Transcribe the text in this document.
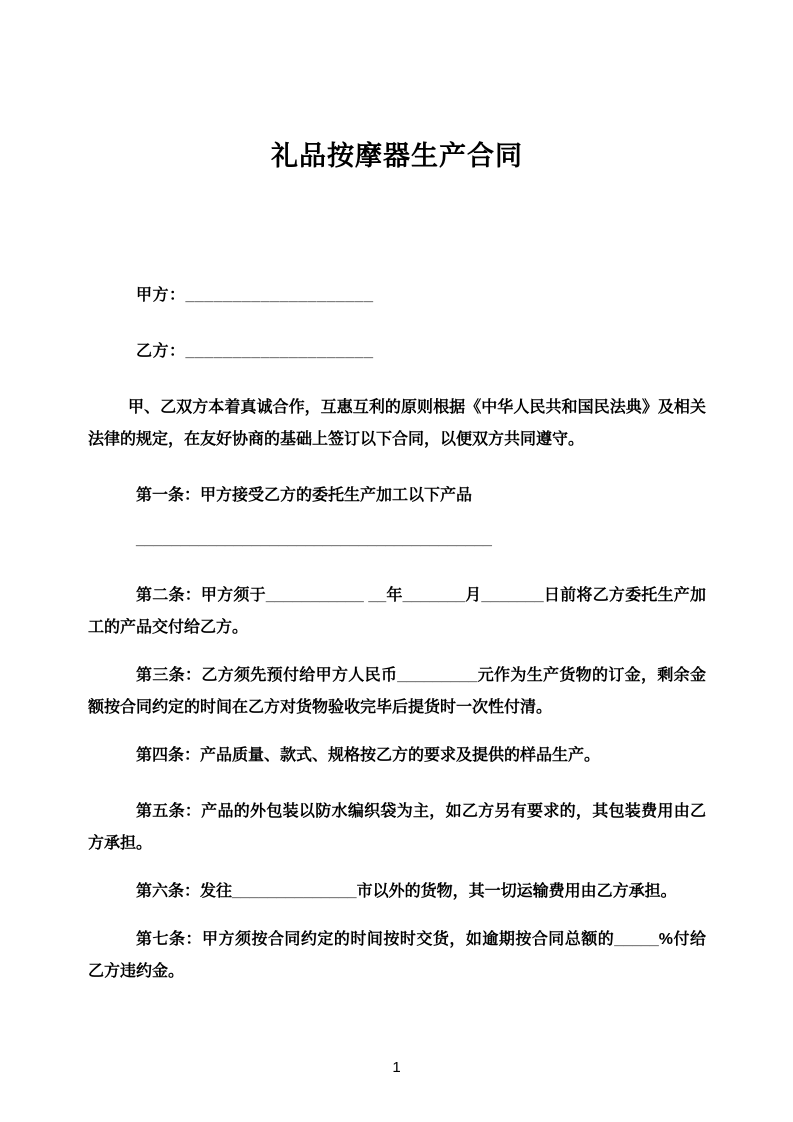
礼品按摩器生产合同

甲方：____________________

乙方：____________________

甲、乙双方本着真诚合作，互惠互利的原则根据《中华人民共和国民法典》及相关法律的规定，在友好协商的基础上签订以下合同，以便双方共同遵守。

第一条：甲方接受乙方的委托生产加工以下产品

________________________________________

第二条：甲方须于___________ __年_______月_______日前将乙方委托生产加工的产品交付给乙方。

第三条：乙方须先预付给甲方人民币_________元作为生产货物的订金，剩余金额按合同约定的时间在乙方对货物验收完毕后提货时一次性付清。

第四条：产品质量、款式、规格按乙方的要求及提供的样品生产。

第五条：产品的外包装以防水编织袋为主，如乙方另有要求的，其包装费用由乙方承担。

第六条：发往______________市以外的货物，其一切运输费用由乙方承担。

第七条：甲方须按合同约定的时间按时交货，如逾期按合同总额的_____%付给乙方违约金。

1
